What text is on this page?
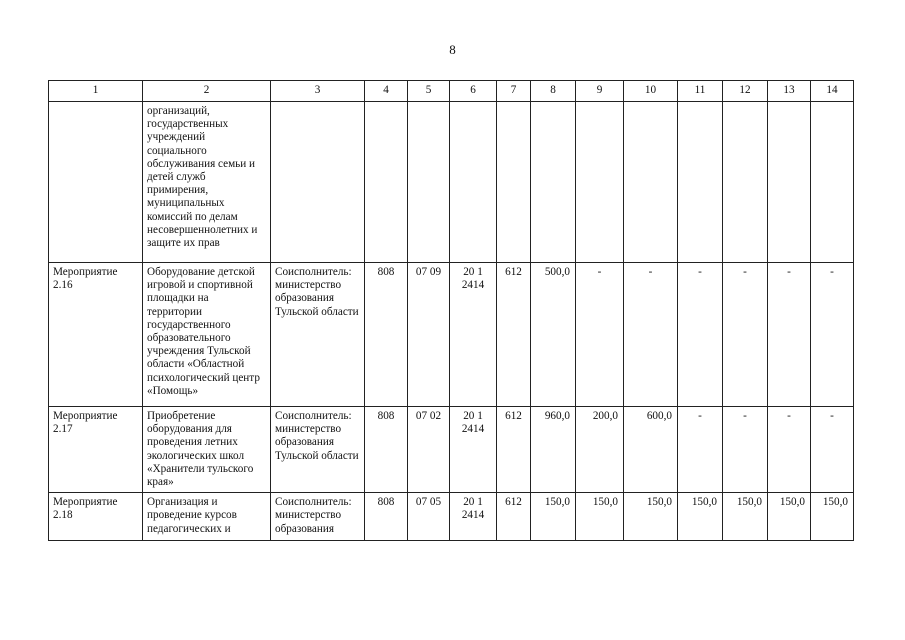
8
1	2	3	4	5	6	7	8	9	10	11	12	13	14
	организаций, государственных учреждений социального обслуживания семьи и детей служб примирения, муниципальных комиссий по делам несовершеннолетних и защите их прав												
Мероприятие 2.16	Оборудование детской игровой и спортивной площадки на территории государственного образовательного учреждения Тульской области «Областной психологический центр «Помощь»	Соисполнитель: министерство образования Тульской области	808	07 09	20 1 2414	612	500,0	-	-	-	-	-	-
Мероприятие 2.17	Приобретение оборудования для проведения летних экологических школ «Хранители тульского края»	Соисполнитель: министерство образования Тульской области	808	07 02	20 1 2414	612	960,0	200,0	600,0	-	-	-	-
Мероприятие 2.18	Организация и проведение курсов педагогических и	Соисполнитель: министерство образования	808	07 05	20 1 2414	612	150,0	150,0	150,0	150,0	150,0	150,0	150,0
